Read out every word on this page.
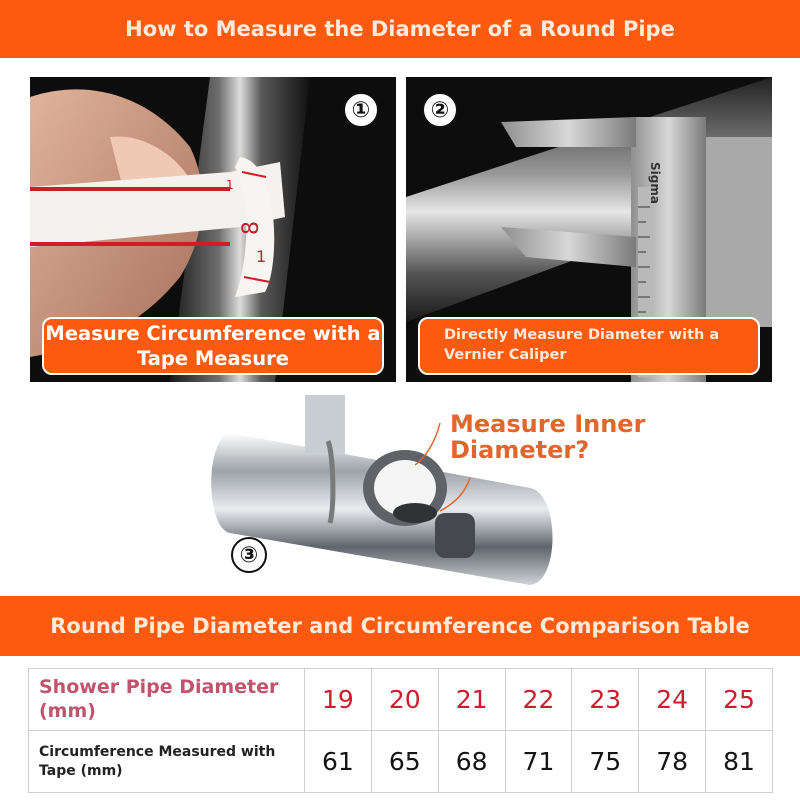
How to Measure the Diameter of a Round Pipe
1
8
1
①
Measure Circumference with a Tape Measure
Sigma
②
Directly Measure Diameter with a Vernier Caliper
Measure Inner Diameter?
③
Round Pipe Diameter and Circumference Comparison Table
Shower Pipe Diameter (mm)	19	20	21	22	23	24	25
Circumference Measured with Tape (mm)	61	65	68	71	75	78	81
